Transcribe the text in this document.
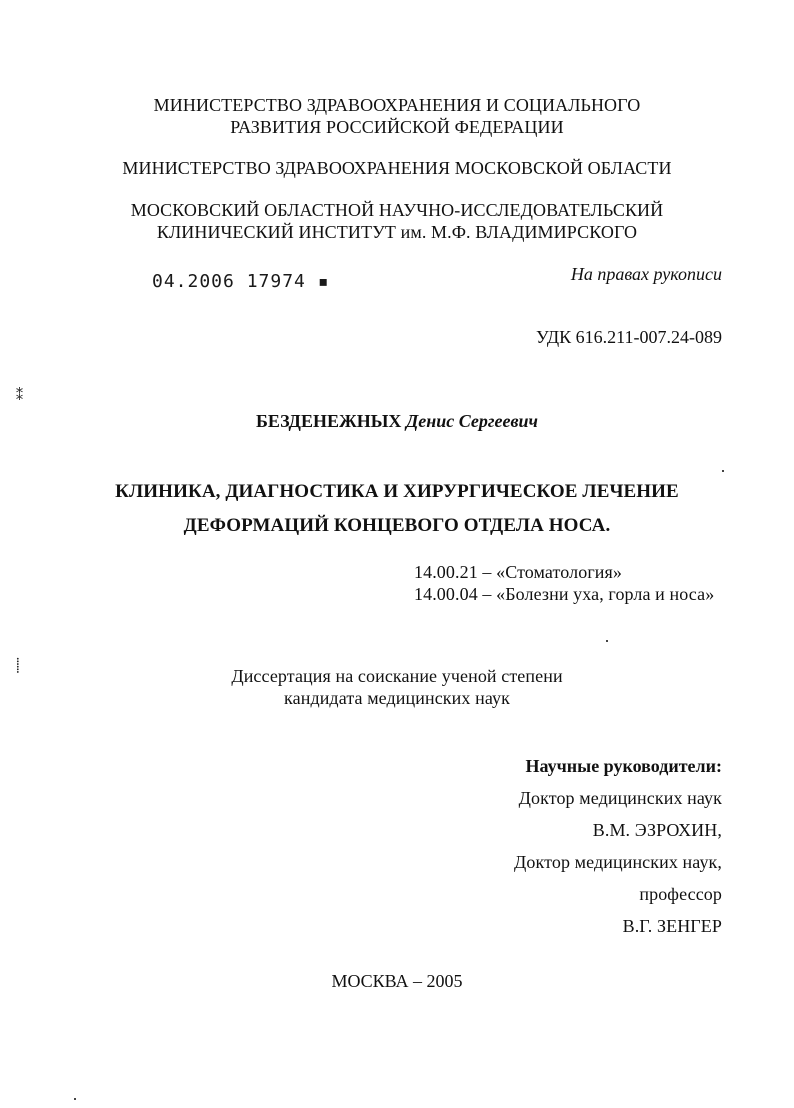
МИНИСТЕРСТВО ЗДРАВООХРАНЕНИЯ И СОЦИАЛЬНОГО
РАЗВИТИЯ РОССИЙСКОЙ ФЕДЕРАЦИИ
МИНИСТЕРСТВО ЗДРАВООХРАНЕНИЯ МОСКОВСКОЙ ОБЛАСТИ
МОСКОВСКИЙ ОБЛАСТНОЙ НАУЧНО-ИССЛЕДОВАТЕЛЬСКИЙ
КЛИНИЧЕСКИЙ ИНСТИТУТ им. М.Ф. ВЛАДИМИРСКОГО
04.2006 17974 ▪	На правах рукописи
УДК 616.211-007.24-089
⁑
⸽
БЕЗДЕНЕЖНЫХ Денис Сергеевич
КЛИНИКА, ДИАГНОСТИКА И ХИРУРГИЧЕСКОЕ ЛЕЧЕНИЕ
ДЕФОРМАЦИЙ КОНЦЕВОГО ОТДЕЛА НОСА.
14.00.21 – «Стоматология»
14.00.04 – «Болезни уха, горла и носа»
Диссертация на соискание ученой степени
кандидата медицинских наук
Научные руководители:
Доктор медицинских наук
В.М. ЭЗРОХИН,
Доктор медицинских наук,
профессор
В.Г. ЗЕНГЕР
МОСКВА – 2005
